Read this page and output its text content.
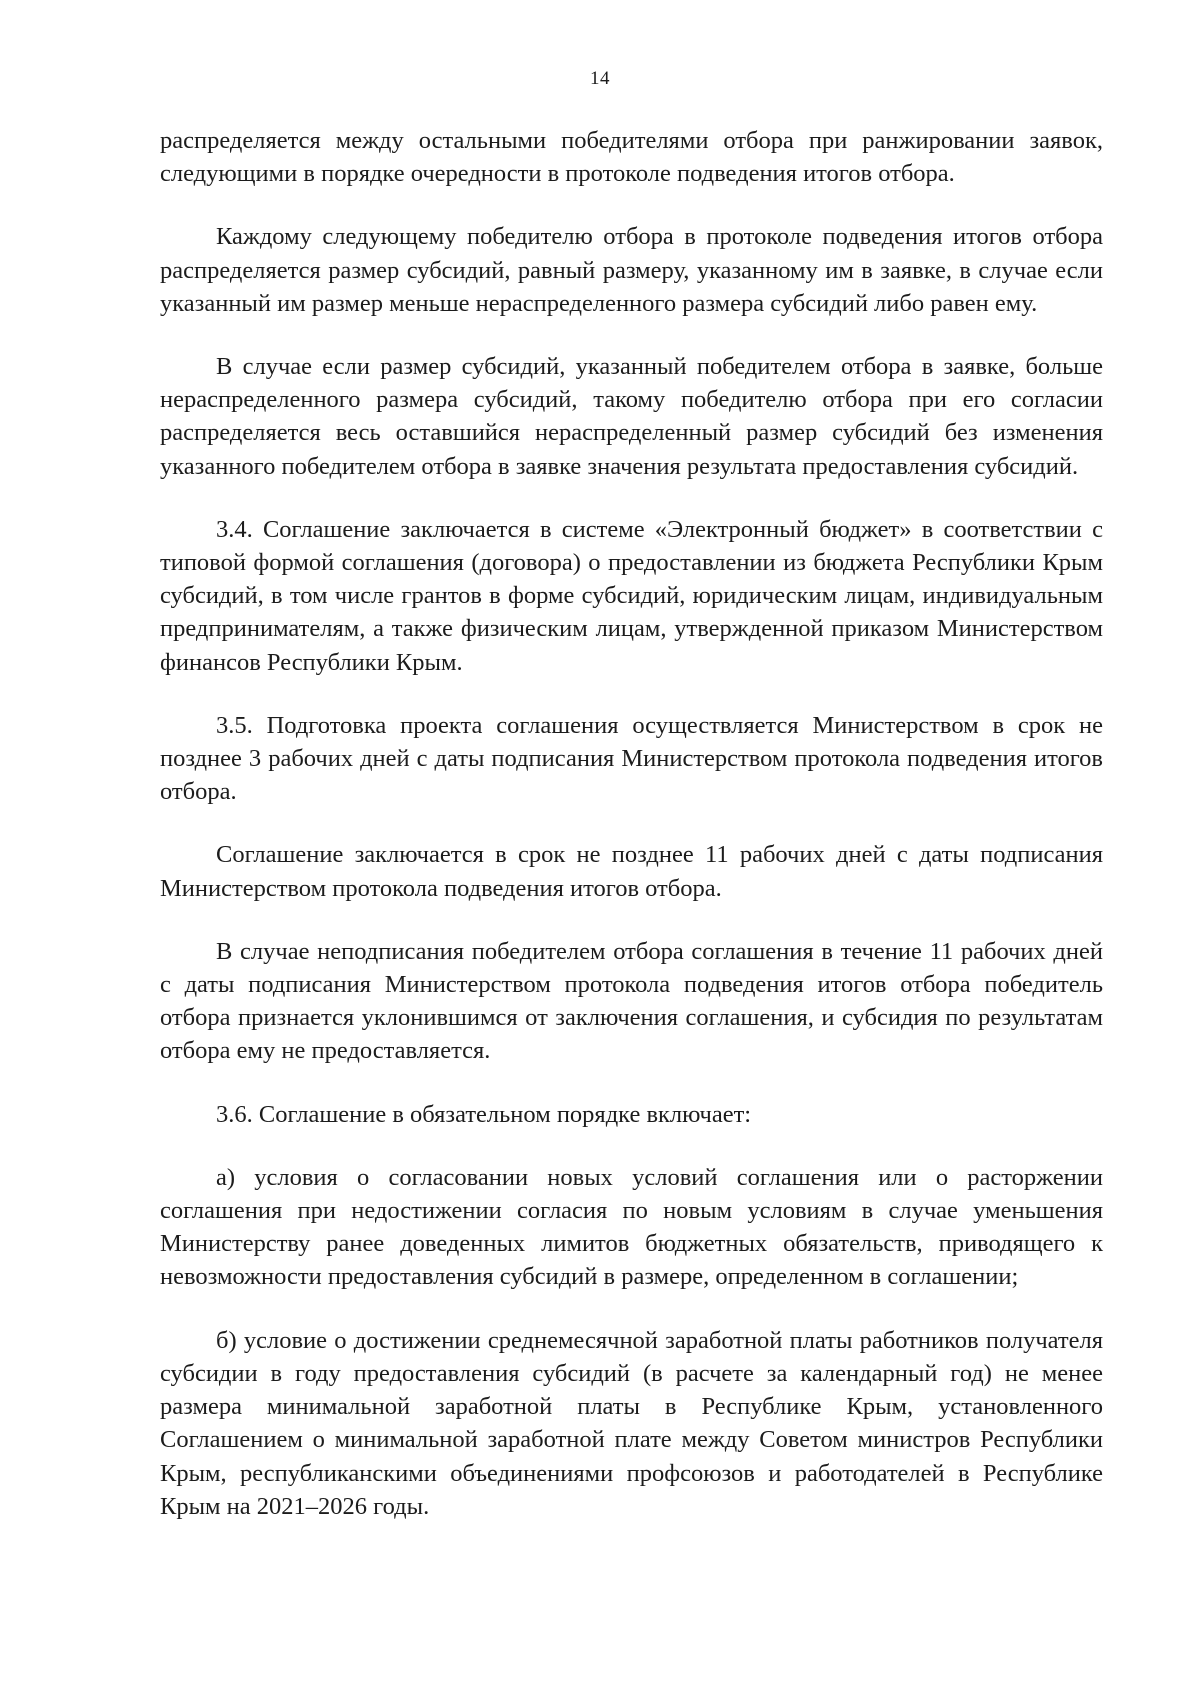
14

распределяется между остальными победителями отбора при ранжировании заявок, следующими в порядке очередности в протоколе подведения итогов отбора.

Каждому следующему победителю отбора в протоколе подведения итогов отбора распределяется размер субсидий, равный размеру, указанному им в заявке, в случае если указанный им размер меньше нераспределенного размера субсидий либо равен ему.

В случае если размер субсидий, указанный победителем отбора в заявке, больше нераспределенного размера субсидий, такому победителю отбора при его согласии распределяется весь оставшийся нераспределенный размер субсидий без изменения указанного победителем отбора в заявке значения результата предоставления субсидий.

3.4. Соглашение заключается в системе «Электронный бюджет» в соответствии с типовой формой соглашения (договора) о предоставлении из бюджета Республики Крым субсидий, в том числе грантов в форме субсидий, юридическим лицам, индивидуальным предпринимателям, а также физическим лицам, утвержденной приказом Министерством финансов Республики Крым.

3.5. Подготовка проекта соглашения осуществляется Министерством в срок не позднее 3 рабочих дней с даты подписания Министерством протокола подведения итогов отбора.

Соглашение заключается в срок не позднее 11 рабочих дней с даты подписания Министерством протокола подведения итогов отбора.

В случае неподписания победителем отбора соглашения в течение 11 рабочих дней с даты подписания Министерством протокола подведения итогов отбора победитель отбора признается уклонившимся от заключения соглашения, и субсидия по результатам отбора ему не предоставляется.

3.6. Соглашение в обязательном порядке включает:

а) условия о согласовании новых условий соглашения или о расторжении соглашения при недостижении согласия по новым условиям в случае уменьшения Министерству ранее доведенных лимитов бюджетных обязательств, приводящего к невозможности предоставления субсидий в размере, определенном в соглашении;

б) условие о достижении среднемесячной заработной платы работников получателя субсидии в году предоставления субсидий (в расчете за календарный год) не менее размера минимальной заработной платы в Республике Крым, установленного Соглашением о минимальной заработной плате между Советом министров Республики Крым, республиканскими объединениями профсоюзов и работодателей в Республике Крым на 2021–2026 годы.
